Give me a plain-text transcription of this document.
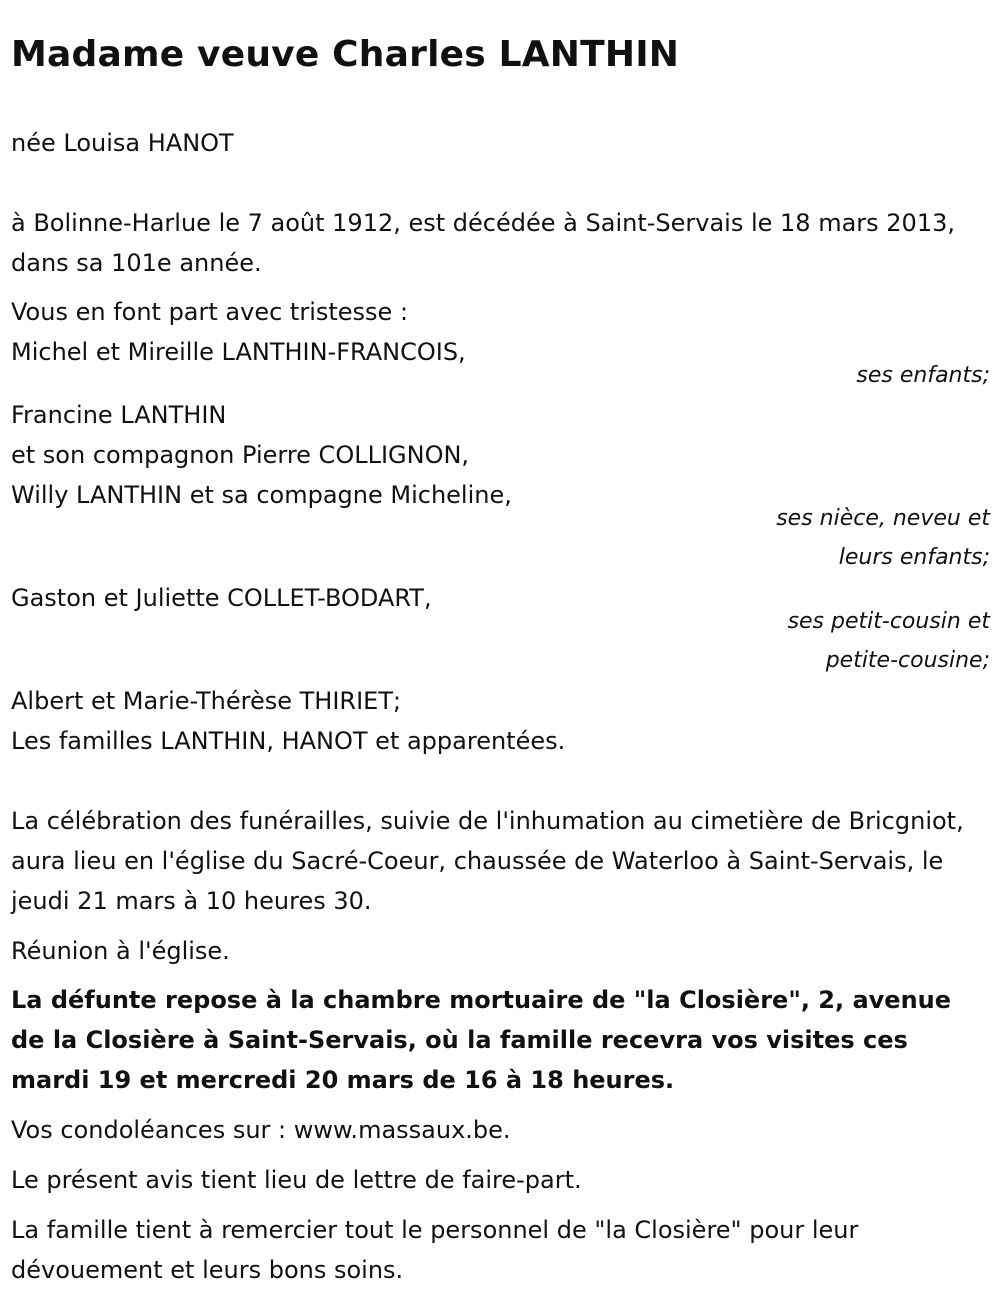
Madame veuve Charles LANTHIN

née Louisa HANOT

à Bolinne-Harlue le 7 août 1912, est décédée à Saint-Servais le 18 mars 2013, dans sa 101e année.

Vous en font part avec tristesse :

Michel et Mireille LANTHIN-FRANCOIS,

ses enfants;

Francine LANTHIN

et son compagnon Pierre COLLIGNON,

Willy LANTHIN et sa compagne Micheline,

ses nièce, neveu et

leurs enfants;

Gaston et Juliette COLLET-BODART,

ses petit-cousin et

petite-cousine;

Albert et Marie-Thérèse THIRIET;

Les familles LANTHIN, HANOT et apparentées.

La célébration des funérailles, suivie de l'inhumation au cimetière de Bricgniot, aura lieu en l'église du Sacré-Coeur, chaussée de Waterloo à Saint-Servais, le jeudi 21 mars à 10 heures 30.

Réunion à l'église.

La défunte repose à la chambre mortuaire de "la Closière", 2, avenue de la Closière à Saint-Servais, où la famille recevra vos visites ces mardi 19 et mercredi 20 mars de 16 à 18 heures.

Vos condoléances sur : www.massaux.be.

Le présent avis tient lieu de lettre de faire-part.

La famille tient à remercier tout le personnel de "la Closière" pour leur dévouement et leurs bons soins.
